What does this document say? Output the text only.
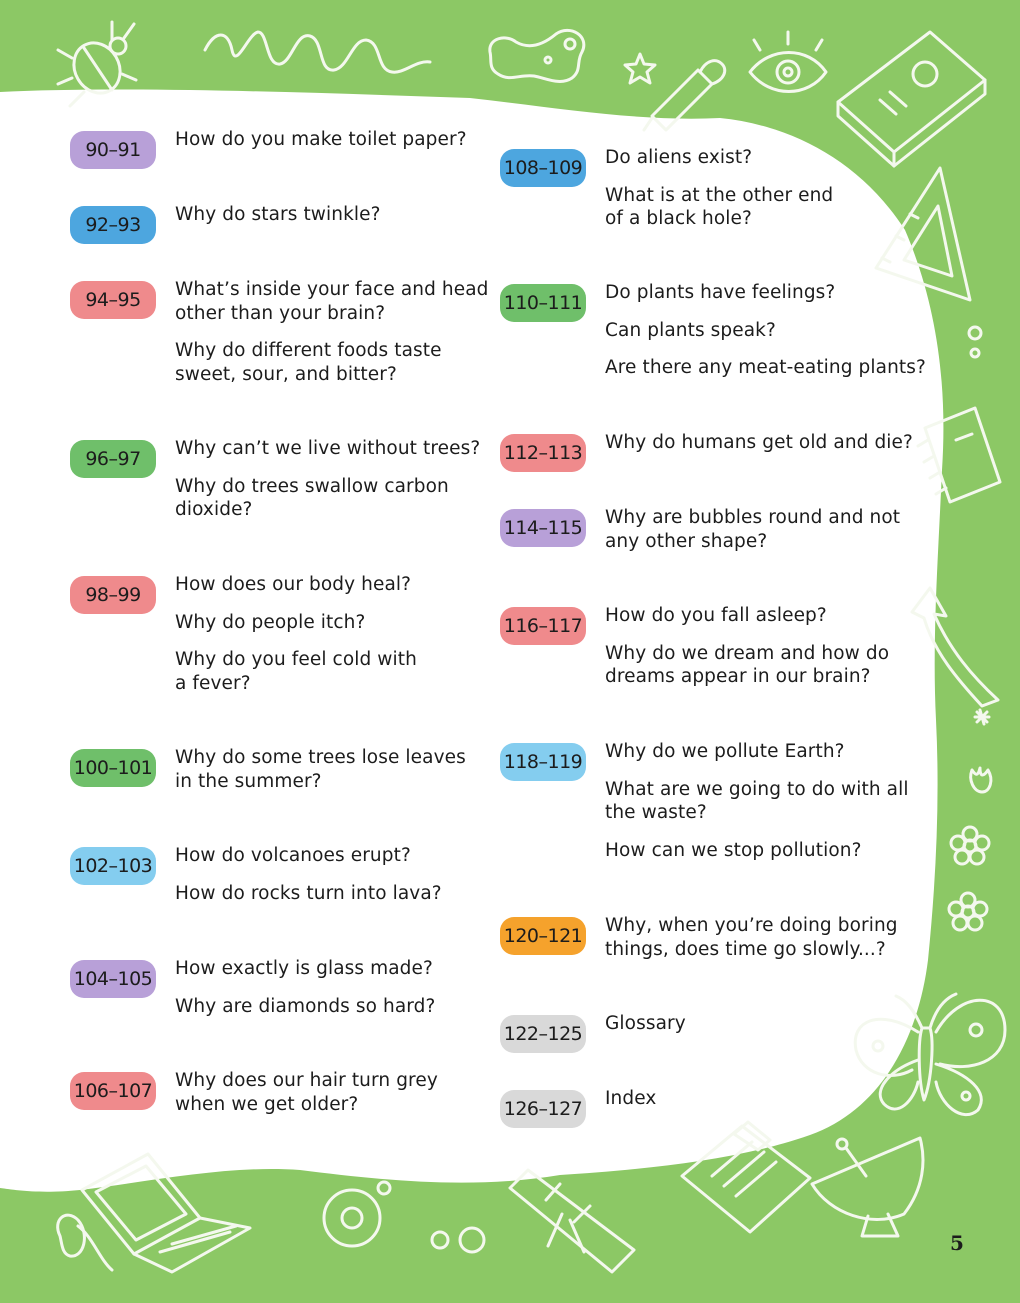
90–91	How do you make toilet paper?
92–93	Why do stars twinkle?
94–95	What’s inside your face and head
other than your brain?
Why do different foods taste
sweet, sour, and bitter?
96–97	Why can’t we live without trees?
Why do trees swallow carbon
dioxide?
98–99	How does our body heal?
Why do people itch?
Why do you feel cold with
a fever?
100–101 Why do some trees lose leaves
in the summer?
102–103 How do volcanoes erupt?
How do rocks turn into lava?
104–105 How exactly is glass made?
Why are diamonds so hard?
106–107 Why does our hair turn grey
when we get older?
108–109 Do aliens exist?
What is at the other end
of a black hole?
110–111 Do plants have feelings?
Can plants speak?
Are there any meat-eating plants?
112–113 Why do humans get old and die?
114–115 Why are bubbles round and not
any other shape?
116–117 How do you fall asleep?
Why do we dream and how do
dreams appear in our brain?
118–119 Why do we pollute Earth?
What are we going to do with all
the waste?
How can we stop pollution?
120–121 Why, when you’re doing boring
things, does time go slowly...?
122–125 Glossary
126–127 Index
5
